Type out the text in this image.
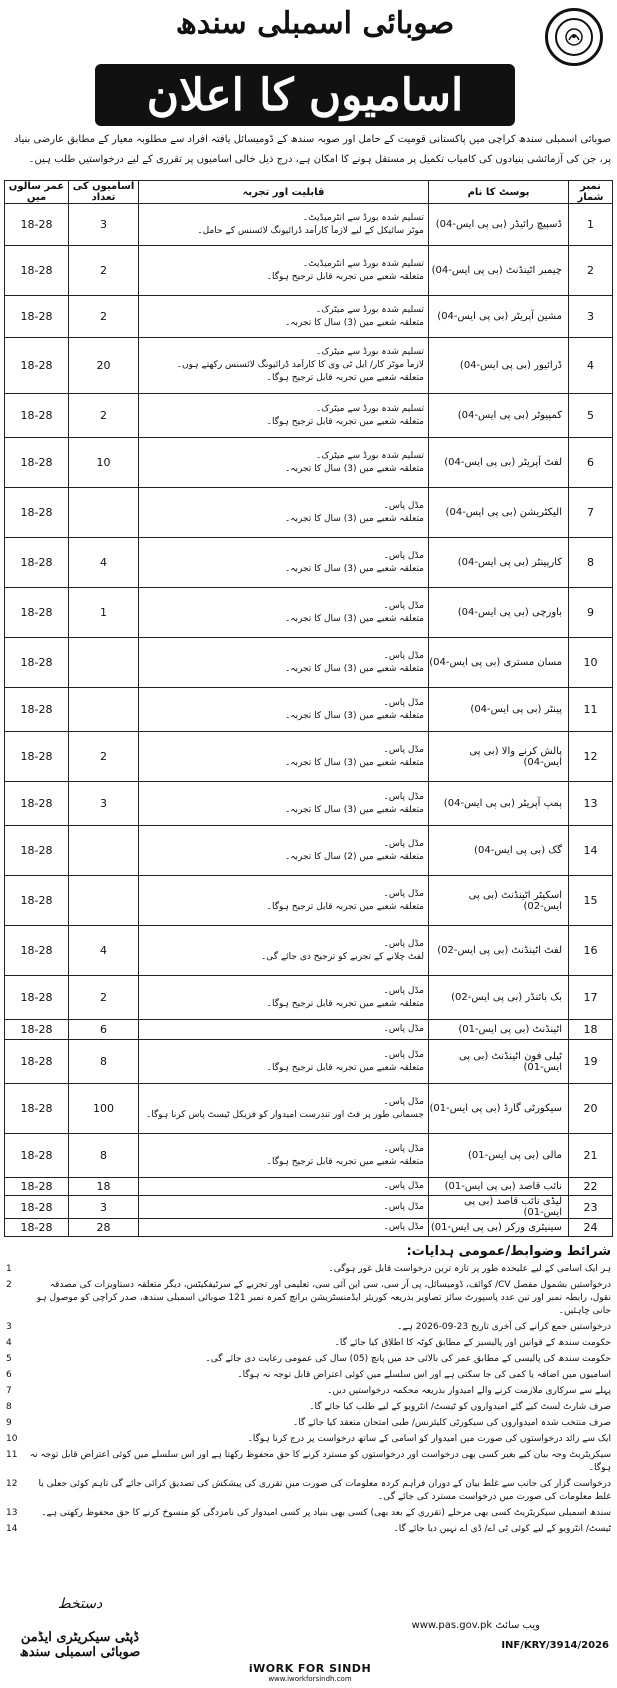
صوبائی اسمبلی سندھ
اسامیوں کا اعلان
صوبائی اسمبلی سندھ کراچی میں پاکستانی قومیت کے حامل اور صوبہ سندھ کے ڈومیسائل یافتہ افراد سے مطلوبہ معیار کے مطابق عارضی بنیاد پر، جن کی آزمائشی بنیادوں کی کامیاب تکمیل پر مستقل ہونے کا امکان ہے، درج ذیل خالی اسامیوں پر تقرری کے لیے درخواستیں طلب ہیں۔
نمبر شمار	پوسٹ کا نام	قابلیت اور تجربہ	اسامیوں کی تعداد	عمر سالوں میں
1	ڈسپیچ رائیڈر (بی پی ایس-04)	تسلیم شدہ بورڈ سے انٹرمیڈیٹ۔
موٹر سائیکل کے لیے لازماً کارآمد ڈرائیونگ لائسنس کے حامل۔	3	18-28
2	چیمبر اٹینڈنٹ (بی پی ایس-04)	تسلیم شدہ بورڈ سے انٹرمیڈیٹ۔
متعلقہ شعبے میں تجربہ قابل ترجیح ہوگا۔	2	18-28
3	مشین آپریٹر (بی پی ایس-04)	تسلیم شدہ بورڈ سے میٹرک۔
متعلقہ شعبے میں (3) سال کا تجربہ۔	2	18-28
4	ڈرائیور (بی پی ایس-04)	تسلیم شدہ بورڈ سے میٹرک۔
لازماً موٹر کار/ ایل ٹی وی کا کارآمد ڈرائیونگ لائسنس رکھتے ہوں۔
متعلقہ شعبے میں تجربہ قابل ترجیح ہوگا۔	20	18-28
5	کمپیوٹر (بی پی ایس-04)	تسلیم شدہ بورڈ سے میٹرک۔
متعلقہ شعبے میں تجربہ قابل ترجیح ہوگا۔	2	18-28
6	لفٹ آپریٹر (بی پی ایس-04)	تسلیم شدہ بورڈ سے میٹرک۔
متعلقہ شعبے میں (3) سال کا تجربہ۔	10	18-28
7	الیکٹریشن (بی پی ایس-04)	مڈل پاس۔
متعلقہ شعبے میں (3) سال کا تجربہ۔		18-28
8	کارپینٹر (بی پی ایس-04)	مڈل پاس۔
متعلقہ شعبے میں (3) سال کا تجربہ۔	4	18-28
9	باورچی (بی پی ایس-04)	مڈل پاس۔
متعلقہ شعبے میں (3) سال کا تجربہ۔	1	18-28
10	مسان مستری (بی پی ایس-04)	مڈل پاس۔
متعلقہ شعبے میں (3) سال کا تجربہ۔		18-28
11	پینٹر (بی پی ایس-04)	مڈل پاس۔
متعلقہ شعبے میں (3) سال کا تجربہ۔		18-28
12	پالش کرنے والا (بی پی ایس-04)	مڈل پاس۔
متعلقہ شعبے میں (3) سال کا تجربہ۔	2	18-28
13	پمپ آپریٹر (بی پی ایس-04)	مڈل پاس۔
متعلقہ شعبے میں (3) سال کا تجربہ۔	3	18-28
14	گک (بی پی ایس-04)	مڈل پاس۔
متعلقہ شعبے میں (2) سال کا تجربہ۔		18-28
15	اسکیٹر اٹینڈنٹ (بی پی ایس-02)	مڈل پاس۔
متعلقہ شعبے میں تجربہ قابل ترجیح ہوگا۔		18-28
16	لفٹ اٹینڈنٹ (بی پی ایس-02)	مڈل پاس۔
لفٹ چلانے کے تجربے کو ترجیح دی جائے گی۔	4	18-28
17	بک بائنڈر (بی پی ایس-02)	مڈل پاس۔
متعلقہ شعبے میں تجربہ قابل ترجیح ہوگا۔	2	18-28
18	اٹینڈنٹ (بی پی ایس-01)	مڈل پاس۔	6	18-28
19	ٹیلی فون اٹینڈنٹ (بی پی ایس-01)	مڈل پاس۔
متعلقہ شعبے میں تجربہ قابل ترجیح ہوگا۔	8	18-28
20	سیکورٹی گارڈ (بی پی ایس-01)	مڈل پاس۔
جسمانی طور پر فٹ اور تندرست امیدوار کو فزیکل ٹیسٹ پاس کرنا ہوگا۔	100	18-28
21	مالی (بی پی ایس-01)	مڈل پاس۔
متعلقہ شعبے میں تجربہ قابل ترجیح ہوگا۔	8	18-28
22	نائب قاصد (بی پی ایس-01)	مڈل پاس۔	18	18-28
23	لیڈی نائب قاصد (بی پی ایس-01)	مڈل پاس۔	3	18-28
24	سینیٹری ورکر (بی پی ایس-01)	مڈل پاس۔	28	18-28
شرائط وضوابط/عمومی ہدایات:
ہر ایک اسامی کے لیے علیحدہ طور پر تازہ ترین درخواست قابل غور ہوگی۔
1
درخواستیں بشمول مفصل CV/ کوائف، ڈومیسائل، پی آر سی، سی این آئی سی، تعلیمی اور تجربے کے سرٹیفکیٹس، دیگر متعلقہ دستاویزات کی مصدقہ نقول، رابطہ نمبر اور تین عدد پاسپورٹ سائز تصاویر بذریعہ کوریئر ایڈمنسٹریشن برانچ کمرہ نمبر 121 صوبائی اسمبلی سندھ، صدر کراچی کو موصول ہو جانی چاہئیں۔
2
درخواستیں جمع کرانے کی آخری تاریخ 23-09-2026 ہے۔
3
حکومت سندھ کے قوانین اور پالیسیز کے مطابق کوٹہ کا اطلاق کیا جائے گا۔
4
حکومت سندھ کی پالیسی کے مطابق عمر کی بالائی حد میں پانچ (05) سال کی عمومی رعایت دی جائے گی۔
5
اسامیوں میں اضافہ یا کمی کی جا سکتی ہے اور اس سلسلے میں کوئی اعتراض قابل توجہ نہ ہوگا۔
6
پہلے سے سرکاری ملازمت کرنے والے امیدوار بذریعہ محکمہ درخواستیں دیں۔
7
صرف شارٹ لسٹ کیے گئے امیدواروں کو ٹیسٹ/ انٹرویو کے لیے طلب کیا جائے گا۔
8
صرف منتخب شدہ امیدواروں کی سیکورٹی کلیئرنس/ طبی امتحان منعقد کیا جائے گا۔
9
ایک سے زائد درخواستوں کی صورت میں امیدوار کو اسامی کے ساتھ درخواست پر درج کرنا ہوگا۔
10
سیکریٹریٹ وجہ بیان کیے بغیر کسی بھی درخواست اور درخواستوں کو مسترد کرنے کا حق محفوظ رکھتا ہے اور اس سلسلے میں کوئی اعتراض قابل توجہ نہ ہوگا۔
11
درخواست گزار کی جانب سے غلط بیان کے دوران فراہم کردہ معلومات کی صورت میں تقرری کی پیشکش کی تصدیق کرائی جائے گی تاہم کوئی جعلی یا غلط معلومات کی صورت میں درخواست مسترد کی جائے گی۔
12
سندھ اسمبلی سیکریٹریٹ کسی بھی مرحلے (تقرری کے بعد بھی) کسی بھی بنیاد پر کسی امیدوار کی نامزدگی کو منسوخ کرنے کا حق محفوظ رکھتی ہے۔
13
ٹیسٹ/ انٹرویو کے لیے کوئی ٹی اے/ ڈی اے نہیں دیا جائے گا۔
14
دستخط
ڈپٹی سیکریٹری ایڈمن
صوبائی اسمبلی سندھ
ویب سائٹ www.pas.gov.pk
INF/KRY/3914/2026
iWORK FOR SINDH
www.iworkforsindh.com
